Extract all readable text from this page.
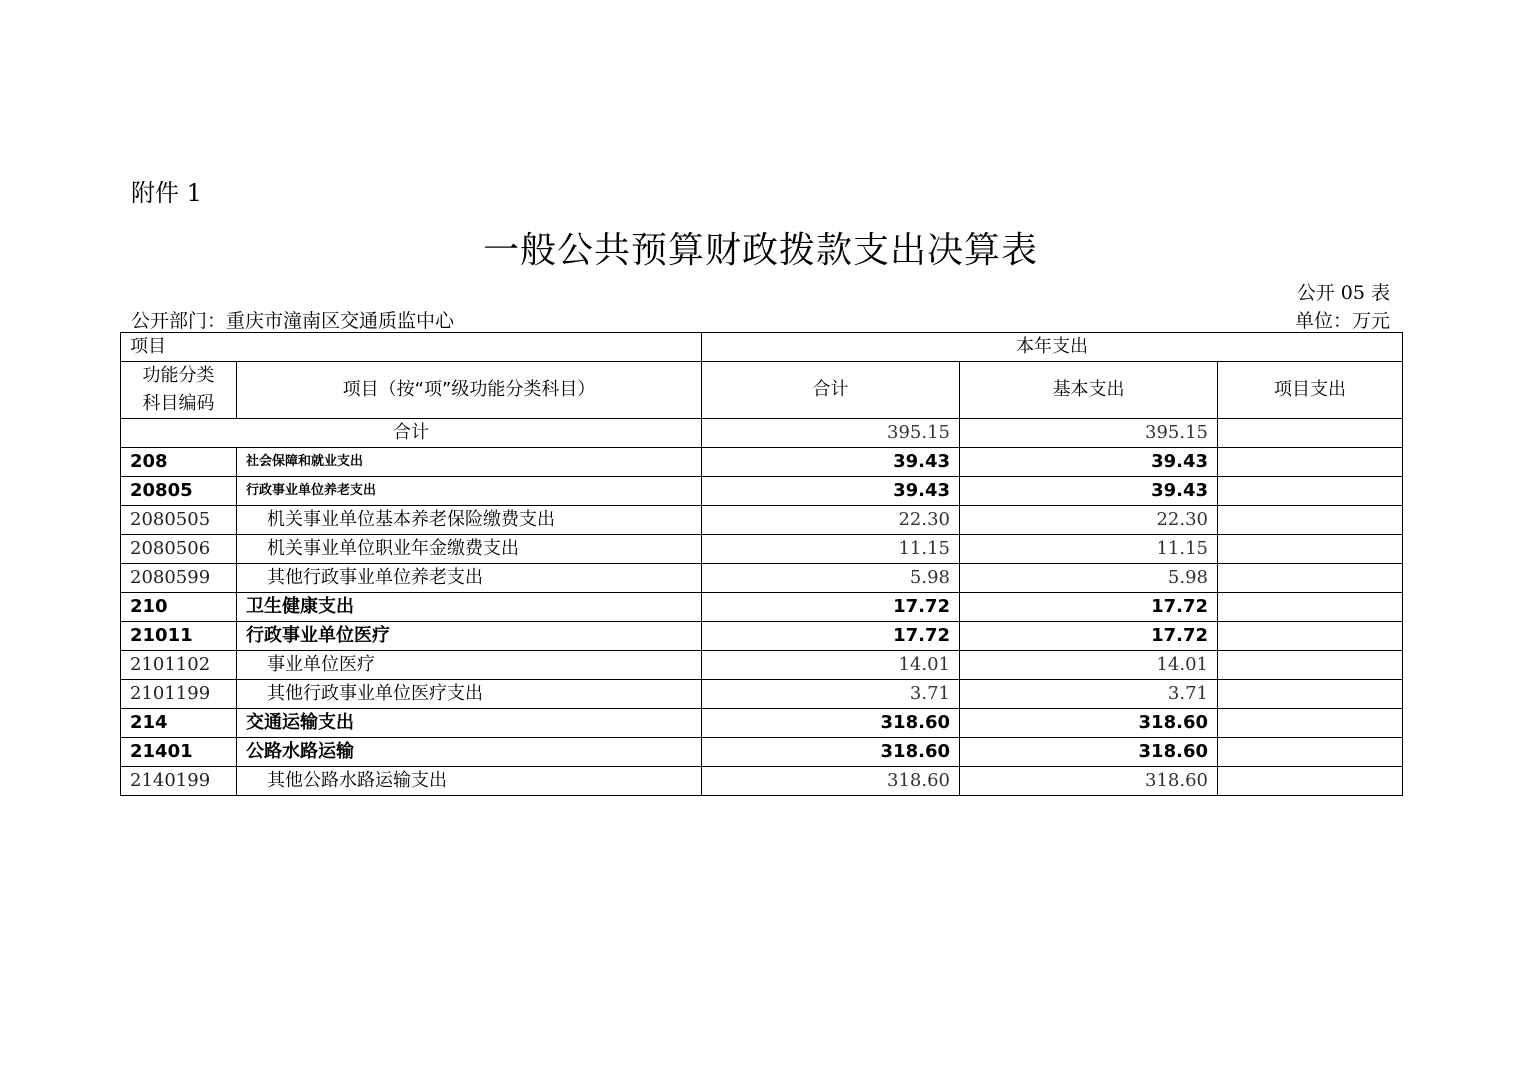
附件 1
一般公共预算财政拨款支出决算表
公开 05 表
公开部门：重庆市潼南区交通质监中心	单位：万元
项目		本年支出		
功能分类
科目编码	项目（按“项”级功能分类科目）	合计	基本支出	项目支出
合计		395.15	395.15	
208	社会保障和就业支出	39.43	39.43	
20805	行政事业单位养老支出	39.43	39.43	
2080505	机关事业单位基本养老保险缴费支出	22.30	22.30	
2080506	机关事业单位职业年金缴费支出	11.15	11.15	
2080599	其他行政事业单位养老支出	5.98	5.98	
210	卫生健康支出	17.72	17.72	
21011	行政事业单位医疗	17.72	17.72	
2101102	事业单位医疗	14.01	14.01	
2101199	其他行政事业单位医疗支出	3.71	3.71	
214	交通运输支出	318.60	318.60	
21401	公路水路运输	318.60	318.60	
2140199	其他公路水路运输支出	318.60	318.60	
